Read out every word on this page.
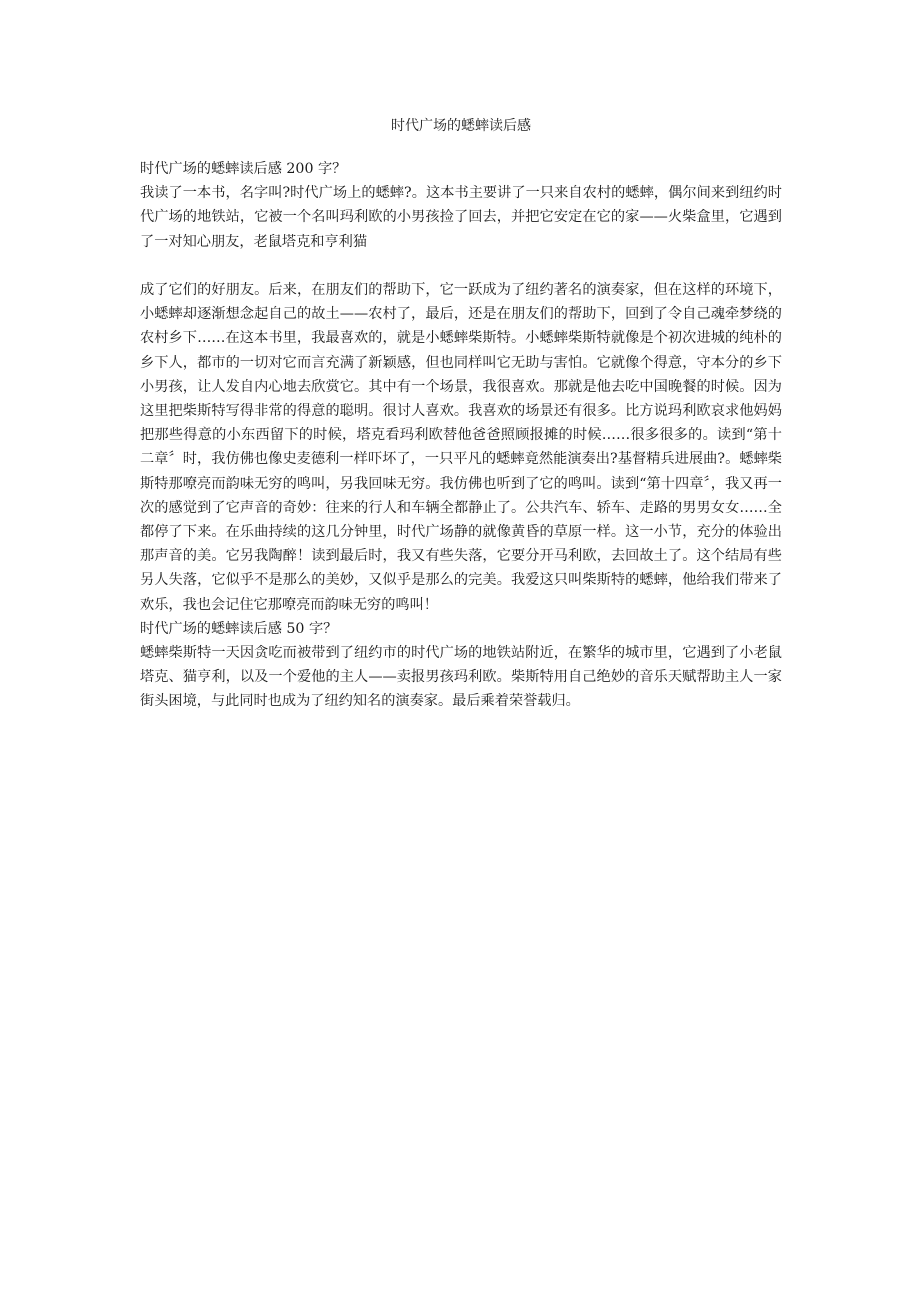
时代广场的蟋蟀读后感

时代广场的蟋蟀读后感 200 字？

我读了一本书，名字叫?时代广场上的蟋蟀?。这本书主要讲了一只来自农村的蟋蟀，偶尔间来到纽约时代广场的地铁站，它被一个名叫玛利欧的小男孩捡了回去，并把它安定在它的家——火柴盒里，它遇到了一对知心朋友，老鼠塔克和亨利猫

成了它们的好朋友。后来，在朋友们的帮助下，它一跃成为了纽约著名的演奏家，但在这样的环境下，小蟋蟀却逐渐想念起自己的故土——农村了，最后，还是在朋友们的帮助下，回到了令自己魂牵梦绕的农村乡下……在这本书里，我最喜欢的，就是小蟋蟀柴斯特。小蟋蟀柴斯特就像是个初次进城的纯朴的乡下人，都市的一切对它而言充满了新颖感，但也同样叫它无助与害怕。它就像个得意，守本分的乡下小男孩，让人发自内心地去欣赏它。其中有一个场景，我很喜欢。那就是他去吃中国晚餐的时候。因为这里把柴斯特写得非常的得意的聪明。很讨人喜欢。我喜欢的场景还有很多。比方说玛利欧哀求他妈妈把那些得意的小东西留下的时候，塔克看玛利欧替他爸爸照顾报摊的时候……很多很多的。读到“第十二章〞时，我仿佛也像史麦德利一样吓坏了，一只平凡的蟋蟀竟然能演奏出?基督精兵进展曲?。蟋蟀柴斯特那嘹亮而韵味无穷的鸣叫，另我回味无穷。我仿佛也听到了它的鸣叫。读到“第十四章〞，我又再一次的感觉到了它声音的奇妙：往来的行人和车辆全都静止了。公共汽车、轿车、走路的男男女女……全都停了下来。在乐曲持续的这几分钟里，时代广场静的就像黄昏的草原一样。这一小节，充分的体验出那声音的美。它另我陶醉！读到最后时，我又有些失落，它要分开马利欧，去回故土了。这个结局有些另人失落，它似乎不是那么的美妙，又似乎是那么的完美。我爱这只叫柴斯特的蟋蟀，他给我们带来了欢乐，我也会记住它那嘹亮而韵味无穷的鸣叫！

时代广场的蟋蟀读后感 50 字？

蟋蟀柴斯特一天因贪吃而被带到了纽约市的时代广场的地铁站附近，在繁华的城市里，它遇到了小老鼠塔克、猫亨利，以及一个爱他的主人——卖报男孩玛利欧。柴斯特用自己绝妙的音乐天赋帮助主人一家街头困境，与此同时也成为了纽约知名的演奏家。最后乘着荣誉载归。
